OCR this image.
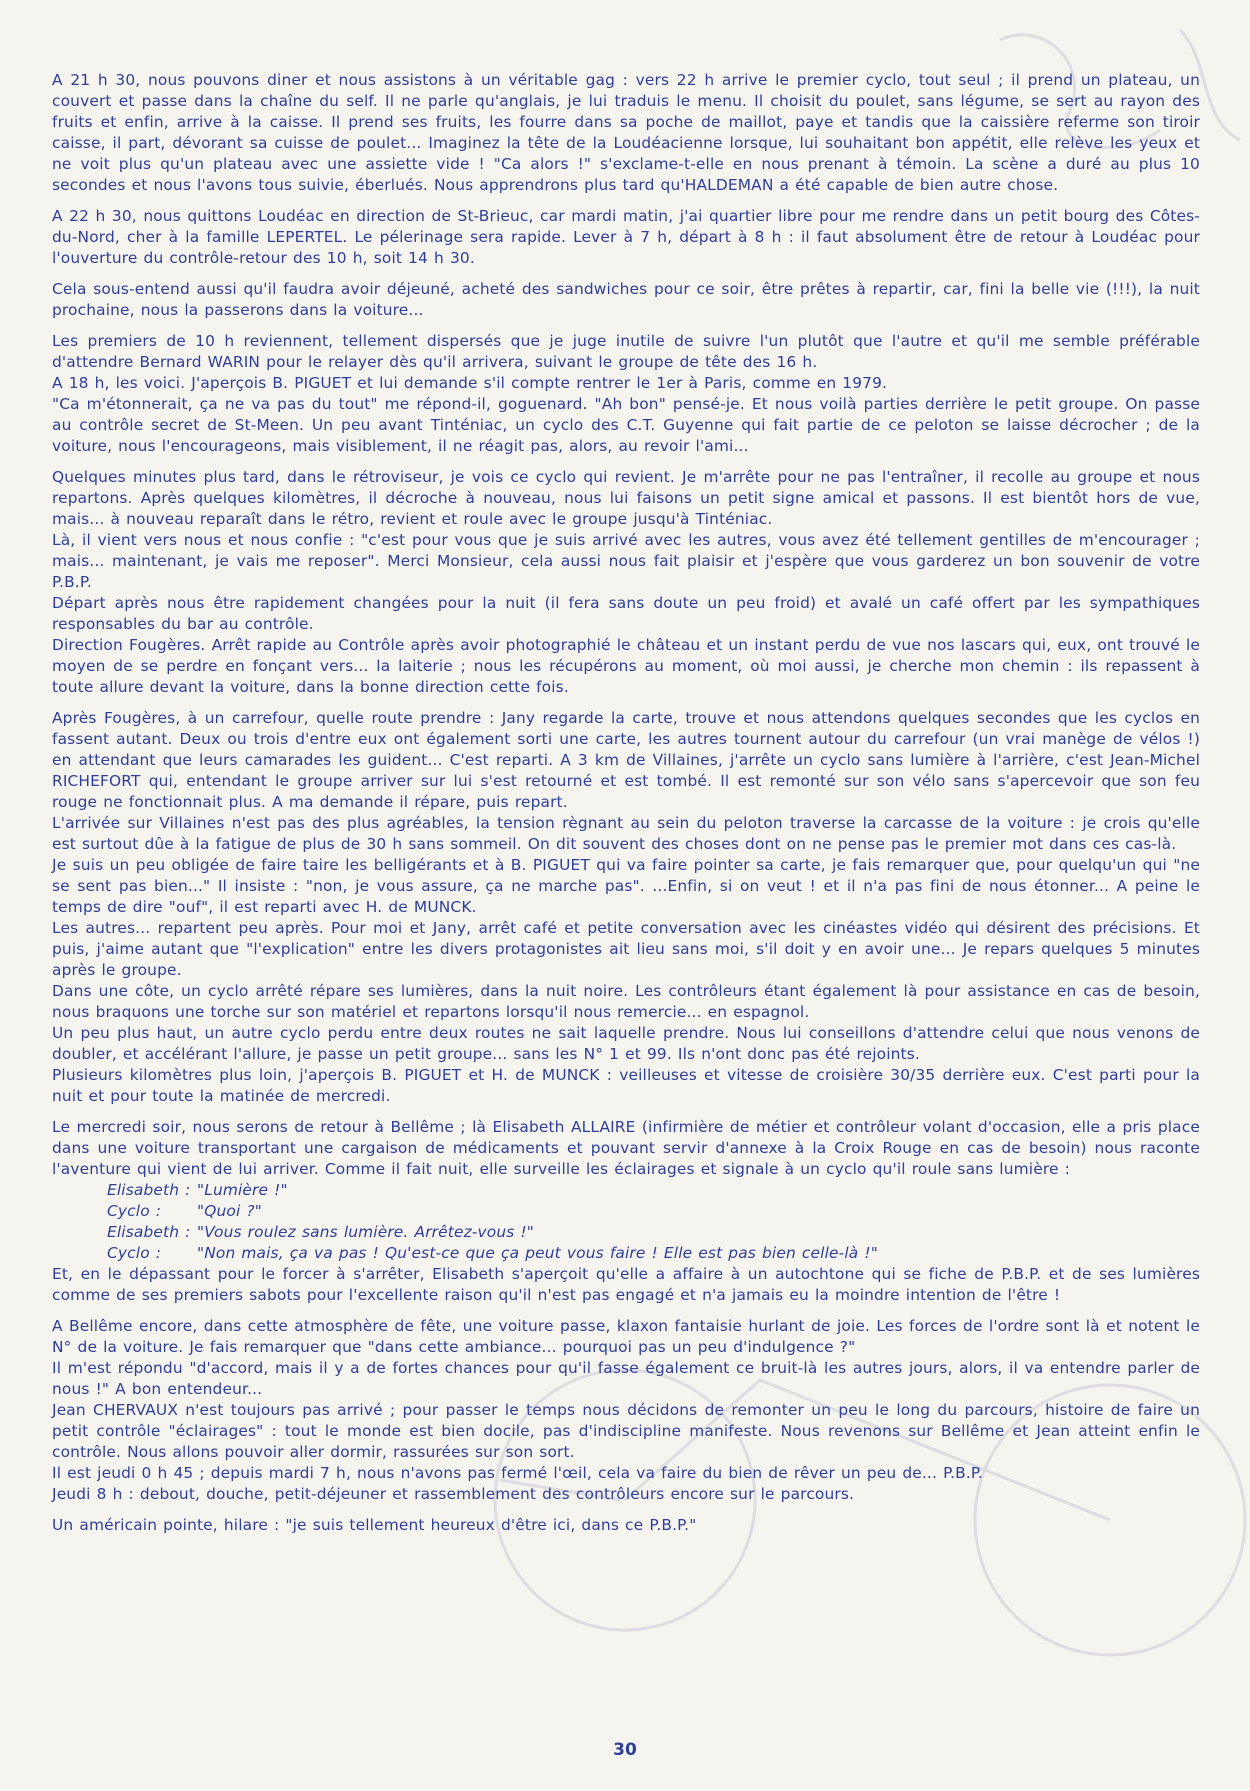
A 21 h 30, nous pouvons diner et nous assistons à un véritable gag : vers 22 h arrive le premier cyclo, tout seul ; il prend un plateau, un couvert et passe dans la chaîne du self. Il ne parle qu'anglais, je lui traduis le menu. Il choisit du poulet, sans légume, se sert au rayon des fruits et enfin, arrive à la caisse. Il prend ses fruits, les fourre dans sa poche de maillot, paye et tandis que la caissière referme son tiroir caisse, il part, dévorant sa cuisse de poulet... Imaginez la tête de la Loudéacienne lorsque, lui souhaitant bon appétit, elle relève les yeux et ne voit plus qu'un plateau avec une assiette vide ! "Ca alors !" s'exclame-t-elle en nous prenant à témoin. La scène a duré au plus 10 secondes et nous l'avons tous suivie, éberlués. Nous apprendrons plus tard qu'HALDEMAN a été capable de bien autre chose.

A 22 h 30, nous quittons Loudéac en direction de St-Brieuc, car mardi matin, j'ai quartier libre pour me rendre dans un petit bourg des Côtes-du-Nord, cher à la famille LEPERTEL. Le pélerinage sera rapide. Lever à 7 h, départ à 8 h : il faut absolument être de retour à Loudéac pour l'ouverture du contrôle-retour des 10 h, soit 14 h 30.

Cela sous-entend aussi qu'il faudra avoir déjeuné, acheté des sandwiches pour ce soir, être prêtes à repartir, car, fini la belle vie (!!!), la nuit prochaine, nous la passerons dans la voiture...

Les premiers de 10 h reviennent, tellement dispersés que je juge inutile de suivre l'un plutôt que l'autre et qu'il me semble préférable d'attendre Bernard WARIN pour le relayer dès qu'il arrivera, suivant le groupe de tête des 16 h.

A 18 h, les voici. J'aperçois B. PIGUET et lui demande s'il compte rentrer le 1er à Paris, comme en 1979.

"Ca m'étonnerait, ça ne va pas du tout" me répond-il, goguenard. "Ah bon" pensé-je. Et nous voilà parties derrière le petit groupe. On passe au contrôle secret de St-Meen. Un peu avant Tinténiac, un cyclo des C.T. Guyenne qui fait partie de ce peloton se laisse décrocher ; de la voiture, nous l'encourageons, mais visiblement, il ne réagit pas, alors, au revoir l'ami...

Quelques minutes plus tard, dans le rétroviseur, je vois ce cyclo qui revient. Je m'arrête pour ne pas l'entraîner, il recolle au groupe et nous repartons. Après quelques kilomètres, il décroche à nouveau, nous lui faisons un petit signe amical et passons. Il est bientôt hors de vue, mais... à nouveau reparaît dans le rétro, revient et roule avec le groupe jusqu'à Tinténiac.

Là, il vient vers nous et nous confie : "c'est pour vous que je suis arrivé avec les autres, vous avez été tellement gentilles de m'encourager ; mais... maintenant, je vais me reposer". Merci Monsieur, cela aussi nous fait plaisir et j'espère que vous garderez un bon souvenir de votre P.B.P.

Départ après nous être rapidement changées pour la nuit (il fera sans doute un peu froid) et avalé un café offert par les sympathiques responsables du bar au contrôle.

Direction Fougères. Arrêt rapide au Contrôle après avoir photographié le château et un instant perdu de vue nos lascars qui, eux, ont trouvé le moyen de se perdre en fonçant vers... la laiterie ; nous les récupérons au moment, où moi aussi, je cherche mon chemin : ils repassent à toute allure devant la voiture, dans la bonne direction cette fois.

Après Fougères, à un carrefour, quelle route prendre : Jany regarde la carte, trouve et nous attendons quelques secondes que les cyclos en fassent autant. Deux ou trois d'entre eux ont également sorti une carte, les autres tournent autour du carrefour (un vrai manège de vélos !) en attendant que leurs camarades les guident... C'est reparti. A 3 km de Villaines, j'arrête un cyclo sans lumière à l'arrière, c'est Jean-Michel RICHEFORT qui, entendant le groupe arriver sur lui s'est retourné et est tombé. Il est remonté sur son vélo sans s'apercevoir que son feu rouge ne fonctionnait plus. A ma demande il répare, puis repart.

L'arrivée sur Villaines n'est pas des plus agréables, la tension règnant au sein du peloton traverse la carcasse de la voiture : je crois qu'elle est surtout dûe à la fatigue de plus de 30 h sans sommeil. On dit souvent des choses dont on ne pense pas le premier mot dans ces cas-là.

Je suis un peu obligée de faire taire les belligérants et à B. PIGUET qui va faire pointer sa carte, je fais remarquer que, pour quelqu'un qui "ne se sent pas bien..." Il insiste : "non, je vous assure, ça ne marche pas". ...Enfin, si on veut ! et il n'a pas fini de nous étonner... A peine le temps de dire "ouf", il est reparti avec H. de MUNCK.

Les autres... repartent peu après. Pour moi et Jany, arrêt café et petite conversation avec les cinéastes vidéo qui désirent des précisions. Et puis, j'aime autant que "l'explication" entre les divers protagonistes ait lieu sans moi, s'il doit y en avoir une... Je repars quelques 5 minutes après le groupe.

Dans une côte, un cyclo arrêté répare ses lumières, dans la nuit noire. Les contrôleurs étant également là pour assistance en cas de besoin, nous braquons une torche sur son matériel et repartons lorsqu'il nous remercie... en espagnol.

Un peu plus haut, un autre cyclo perdu entre deux routes ne sait laquelle prendre. Nous lui conseillons d'attendre celui que nous venons de doubler, et accélérant l'allure, je passe un petit groupe... sans les N° 1 et 99. Ils n'ont donc pas été rejoints.

Plusieurs kilomètres plus loin, j'aperçois B. PIGUET et H. de MUNCK : veilleuses et vitesse de croisière 30/35 derrière eux. C'est parti pour la nuit et pour toute la matinée de mercredi.

Le mercredi soir, nous serons de retour à Bellême ; là Elisabeth ALLAIRE (infirmière de métier et contrôleur volant d'occasion, elle a pris place dans une voiture transportant une cargaison de médicaments et pouvant servir d'annexe à la Croix Rouge en cas de besoin) nous raconte l'aventure qui vient de lui arriver. Comme il fait nuit, elle surveille les éclairages et signale à un cyclo qu'il roule sans lumière :

Elisabeth : "Lumière !"
Cyclo : "Quoi ?"
Elisabeth : "Vous roulez sans lumière. Arrêtez-vous !"
Cyclo : "Non mais, ça va pas ! Qu'est-ce que ça peut vous faire ! Elle est pas bien celle-là !"

Et, en le dépassant pour le forcer à s'arrêter, Elisabeth s'aperçoit qu'elle a affaire à un autochtone qui se fiche de P.B.P. et de ses lumières comme de ses premiers sabots pour l'excellente raison qu'il n'est pas engagé et n'a jamais eu la moindre intention de l'être !

A Bellême encore, dans cette atmosphère de fête, une voiture passe, klaxon fantaisie hurlant de joie. Les forces de l'ordre sont là et notent le N° de la voiture. Je fais remarquer que "dans cette ambiance... pourquoi pas un peu d'indulgence ?"

Il m'est répondu "d'accord, mais il y a de fortes chances pour qu'il fasse également ce bruit-là les autres jours, alors, il va entendre parler de nous !" A bon entendeur...

Jean CHERVAUX n'est toujours pas arrivé ; pour passer le temps nous décidons de remonter un peu le long du parcours, histoire de faire un petit contrôle "éclairages" : tout le monde est bien docile, pas d'indiscipline manifeste. Nous revenons sur Bellême et Jean atteint enfin le contrôle. Nous allons pouvoir aller dormir, rassurées sur son sort.

Il est jeudi 0 h 45 ; depuis mardi 7 h, nous n'avons pas fermé l'œil, cela va faire du bien de rêver un peu de... P.B.P.

Jeudi 8 h : debout, douche, petit-déjeuner et rassemblement des contrôleurs encore sur le parcours.

Un américain pointe, hilare : "je suis tellement heureux d'être ici, dans ce P.B.P."

30
